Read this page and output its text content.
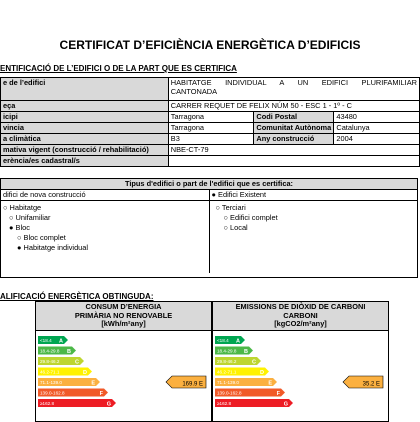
CERTIFICAT D’EFICIÈNCIA ENERGÈTICA D’EDIFICIS
ENTIFICACIÓ DE L’EDIFICI O DE LA PART QUE ES CERTIFICA
e de l’edifici	HABITATGE INDIVIDUAL A UN EDIFICI PLURIFAMILIAR
CANTONADA		

eça	CARRER REQUET DE FELIX NÚM 50 - ESC 1 - 1º - C		
icipi	Tarragona	Codi Postal	43480
vincia	Tarragona	Comunitat Autònoma	Catalunya
a climàtica	B3	Any construcció	2004
mativa vigent (construcció / rehabilitació)	NBE-CT-79		
erència/es cadastral/s			
Tipus d'edifici o part de l'edifici que es certifica:
difici de nova construcció	● Edifici Existent
○ Habitatge
○ Unifamiliar
● Bloc
○ Bloc complet
● Habitatge individual
○ Terciari
○ Edifici complet
○ Local
ALIFICACIÓ ENERGÈTICA OBTINGUDA:
CONSUM D’ENERGIA
PRIMÀRIA NO RENOVABLE
[kWh/m²any]
<18.4 A
18.4-29.8 B
29.8-46.2	C
46.2-71.1	D
71.1-139.0	E	169.9 E
139.0-162.8	F
≥162.8	G
EMISSIONS DE DIÒXID DE CARBONI
CARBONI
[kgCO2/m²any]
<18.4 A
18.4-29.8 B
29.8-46.2	C
46.2-71.1	D
71.1-139.0	E	35.2 E
139.0-162.8	F
≥162.8	G
